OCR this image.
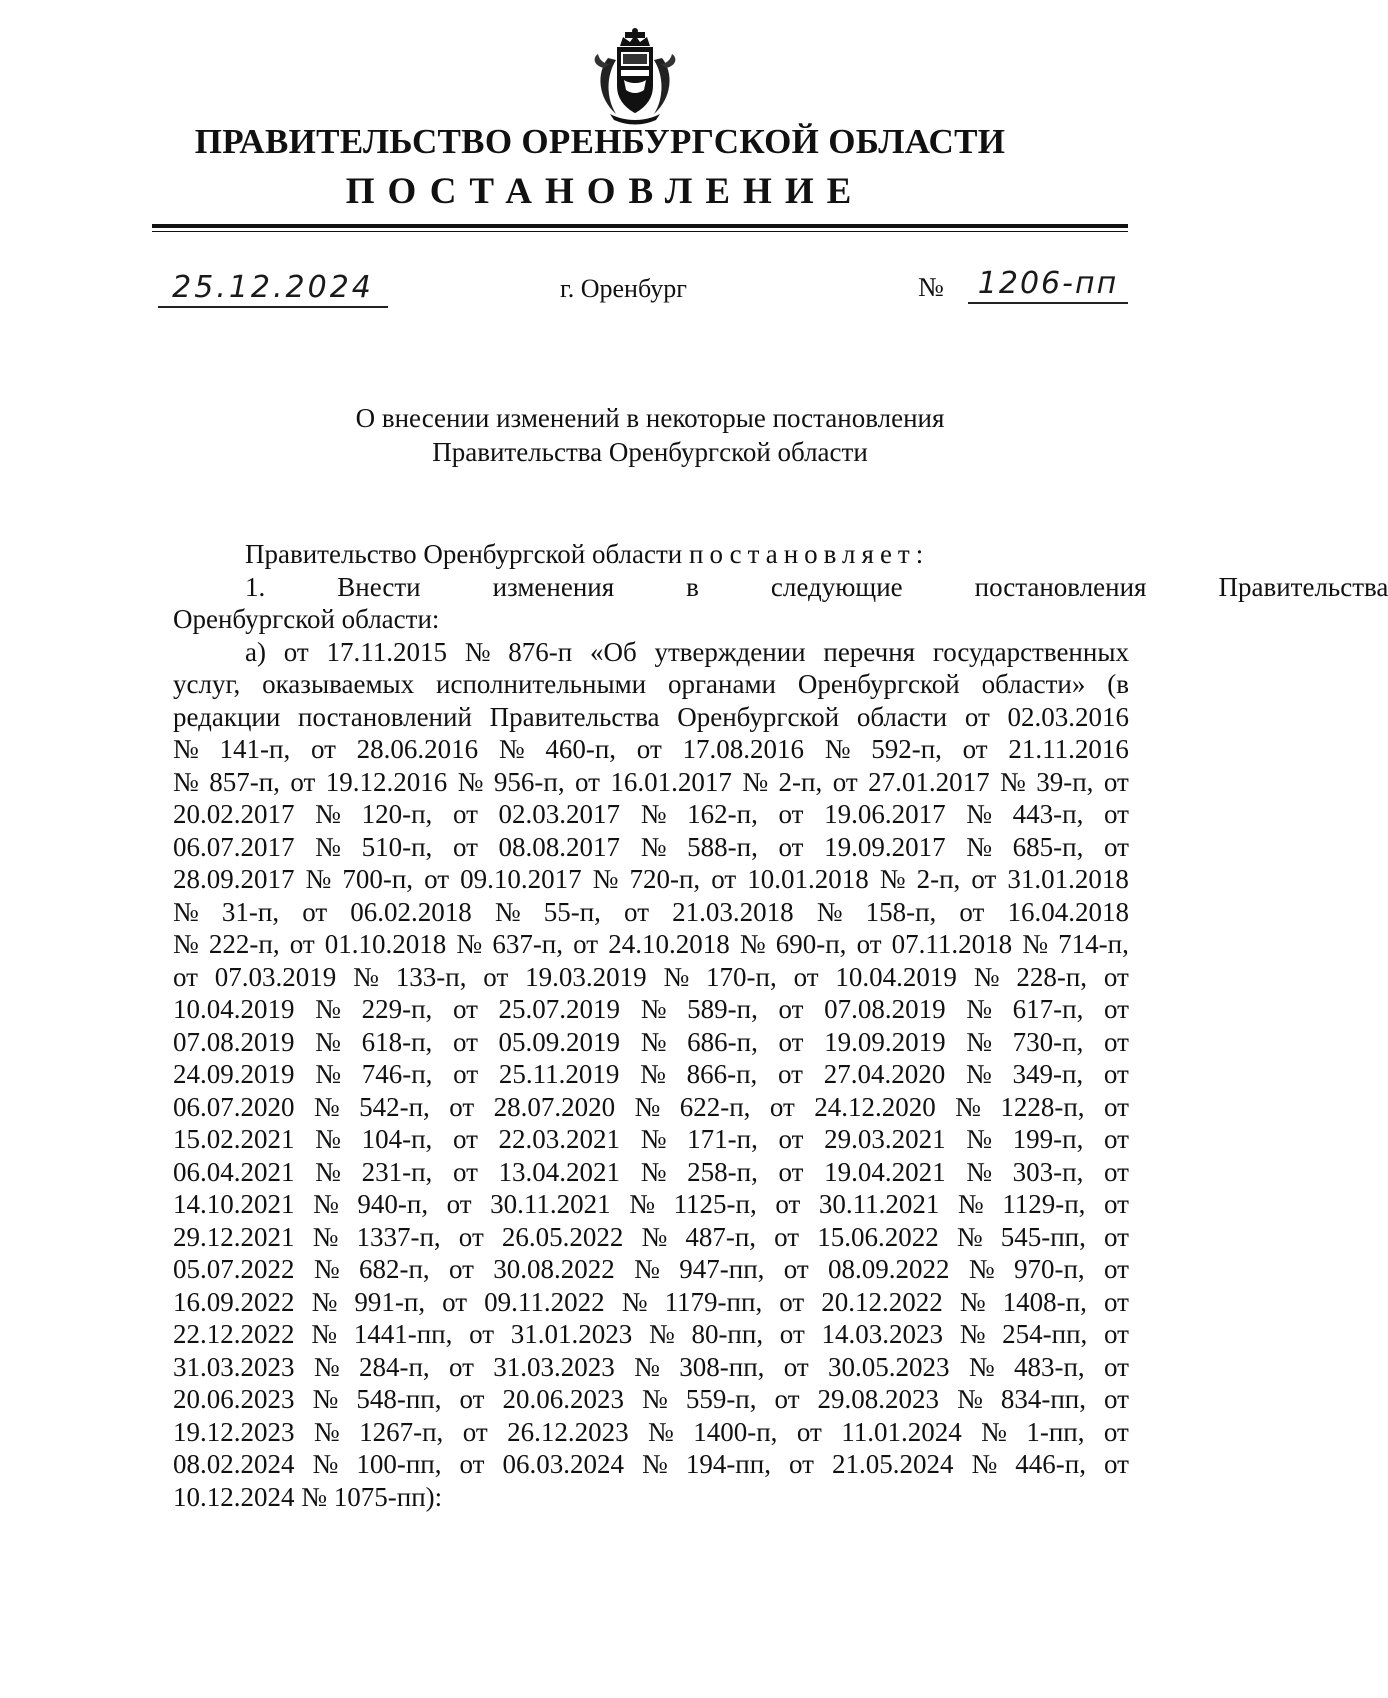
ПРАВИТЕЛЬСТВО ОРЕНБУРГСКОЙ ОБЛАСТИ
ПОСТАНОВЛЕНИЕ
25.12.2024	г. Оренбург	№	1206-пп
О внесении изменений в некоторые постановления
Правительства Оренбургской области

Правительство Оренбургской области постановляет:

1.	Внести	изменения	в	следующие	постановления	Правительства

Оренбургской области:

а) от 17.11.2015 № 876-п «Об утверждении перечня государственных

услуг, оказываемых исполнительными органами Оренбургской области» (в

редакции постановлений Правительства Оренбургской области от 02.03.2016

№ 141-п, от 28.06.2016 № 460-п, от 17.08.2016 № 592-п, от 21.11.2016

№ 857-п, от 19.12.2016 № 956-п, от 16.01.2017 № 2-п, от 27.01.2017 № 39-п, от

20.02.2017 № 120-п, от 02.03.2017 № 162-п, от 19.06.2017 № 443-п, от

06.07.2017 № 510-п, от 08.08.2017 № 588-п, от 19.09.2017 № 685-п, от

28.09.2017 № 700-п, от 09.10.2017 № 720-п, от 10.01.2018 № 2-п, от 31.01.2018

№ 31-п, от 06.02.2018 № 55-п, от 21.03.2018 № 158-п, от 16.04.2018

№ 222-п, от 01.10.2018 № 637-п, от 24.10.2018 № 690-п, от 07.11.2018 № 714-п,

от 07.03.2019 № 133-п, от 19.03.2019 № 170-п, от 10.04.2019 № 228-п, от

10.04.2019 № 229-п, от 25.07.2019 № 589-п, от 07.08.2019 № 617-п, от

07.08.2019 № 618-п, от 05.09.2019 № 686-п, от 19.09.2019 № 730-п, от

24.09.2019 № 746-п, от 25.11.2019 № 866-п, от 27.04.2020 № 349-п, от

06.07.2020 № 542-п, от 28.07.2020 № 622-п, от 24.12.2020 № 1228-п, от

15.02.2021 № 104-п, от 22.03.2021 № 171-п, от 29.03.2021 № 199-п, от

06.04.2021 № 231-п, от 13.04.2021 № 258-п, от 19.04.2021 № 303-п, от

14.10.2021 № 940-п, от 30.11.2021 № 1125-п, от 30.11.2021 № 1129-п, от

29.12.2021 № 1337-п, от 26.05.2022 № 487-п, от 15.06.2022 № 545-пп, от

05.07.2022 № 682-п, от 30.08.2022 № 947-пп, от 08.09.2022 № 970-п, от

16.09.2022 № 991-п, от 09.11.2022 № 1179-пп, от 20.12.2022 № 1408-п, от

22.12.2022 № 1441-пп, от 31.01.2023 № 80-пп, от 14.03.2023 № 254-пп, от

31.03.2023 № 284-п, от 31.03.2023 № 308-пп, от 30.05.2023 № 483-п, от

20.06.2023 № 548-пп, от 20.06.2023 № 559-п, от 29.08.2023 № 834-пп, от

19.12.2023 № 1267-п, от 26.12.2023 № 1400-п, от 11.01.2024 № 1-пп, от

08.02.2024 № 100-пп, от 06.03.2024 № 194-пп, от 21.05.2024 № 446-п, от

10.12.2024 № 1075-пп):
